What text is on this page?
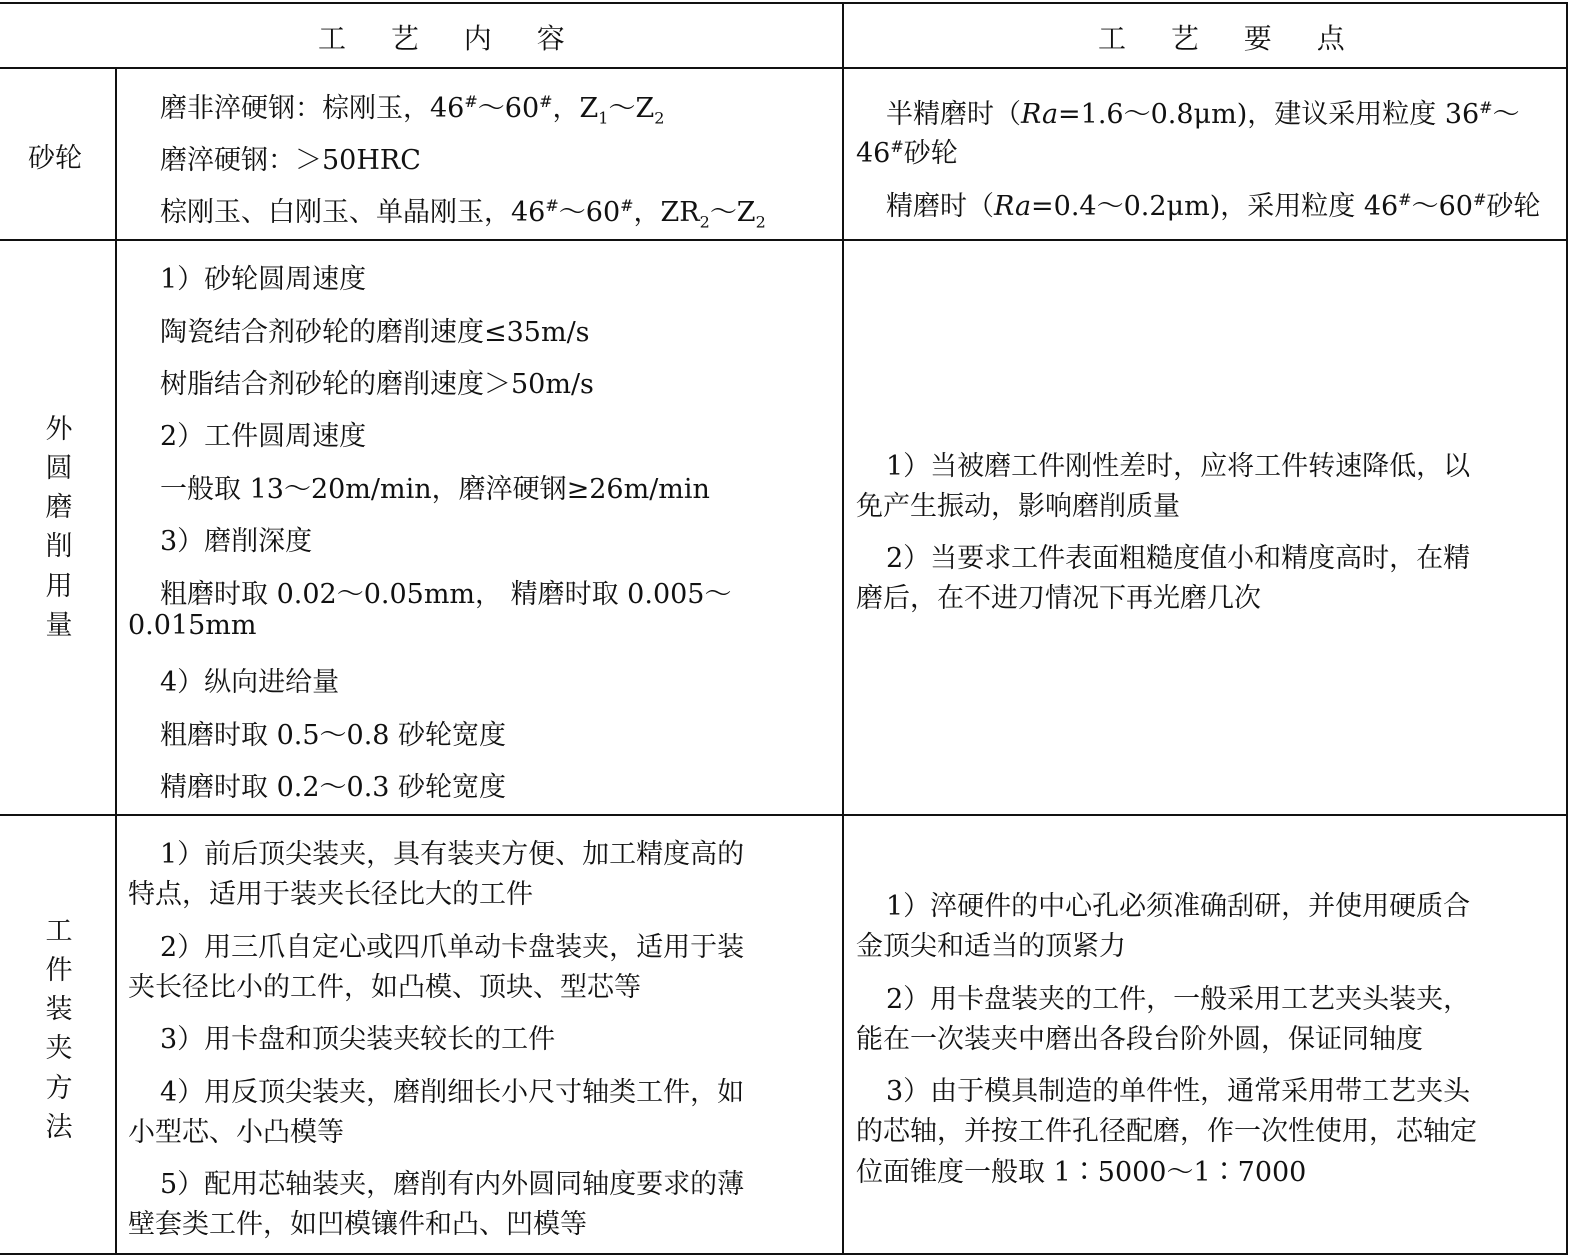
工 艺 内 容	工 艺 要 点
砂轮
磨非淬硬钢：棕刚玉，46#～60#，$Z_1\sim Z_2$
磨淬硬钢：＞50HRC
棕刚玉、白刚玉、单晶刚玉，46#～60#，$ZR_2\sim Z_2$
半精磨时（Ra=1.6～0.8μm)，建议采用粒度 36#～
46#砂轮
精磨时（Ra=0.4～0.2μm)，采用粒度 46#～60#砂轮
外
圆
磨
削
用
量
1）砂轮圆周速度
陶瓷结合剂砂轮的磨削速度≤35m/s
树脂结合剂砂轮的磨削速度＞50m/s
2）工件圆周速度
一般取 13～20m/min，磨淬硬钢≥26m/min
3）磨削深度
粗磨时取 0.02～0.05mm， 精磨时取 0.005～
0.015mm
4）纵向进给量
粗磨时取 0.5～0.8 砂轮宽度
精磨时取 0.2～0.3 砂轮宽度
1）当被磨工件刚性差时，应将工件转速降低，以
免产生振动，影响磨削质量
2）当要求工件表面粗糙度值小和精度高时，在精
磨后，在不进刀情况下再光磨几次
工
件
装
夹
方
法
1）前后顶尖装夹，具有装夹方便、加工精度高的
特点，适用于装夹长径比大的工件
2）用三爪自定心或四爪单动卡盘装夹，适用于装
夹长径比小的工件，如凸模、顶块、型芯等
3）用卡盘和顶尖装夹较长的工件
4）用反顶尖装夹，磨削细长小尺寸轴类工件，如
小型芯、小凸模等
5）配用芯轴装夹，磨削有内外圆同轴度要求的薄
壁套类工件，如凹模镶件和凸、凹模等
1）淬硬件的中心孔必须准确刮研，并使用硬质合
金顶尖和适当的顶紧力
2）用卡盘装夹的工件，一般采用工艺夹头装夹，
能在一次装夹中磨出各段台阶外圆，保证同轴度
3）由于模具制造的单件性，通常采用带工艺夹头
的芯轴，并按工件孔径配磨，作一次性使用，芯轴定
位面锥度一般取 1∶5000～1∶7000
